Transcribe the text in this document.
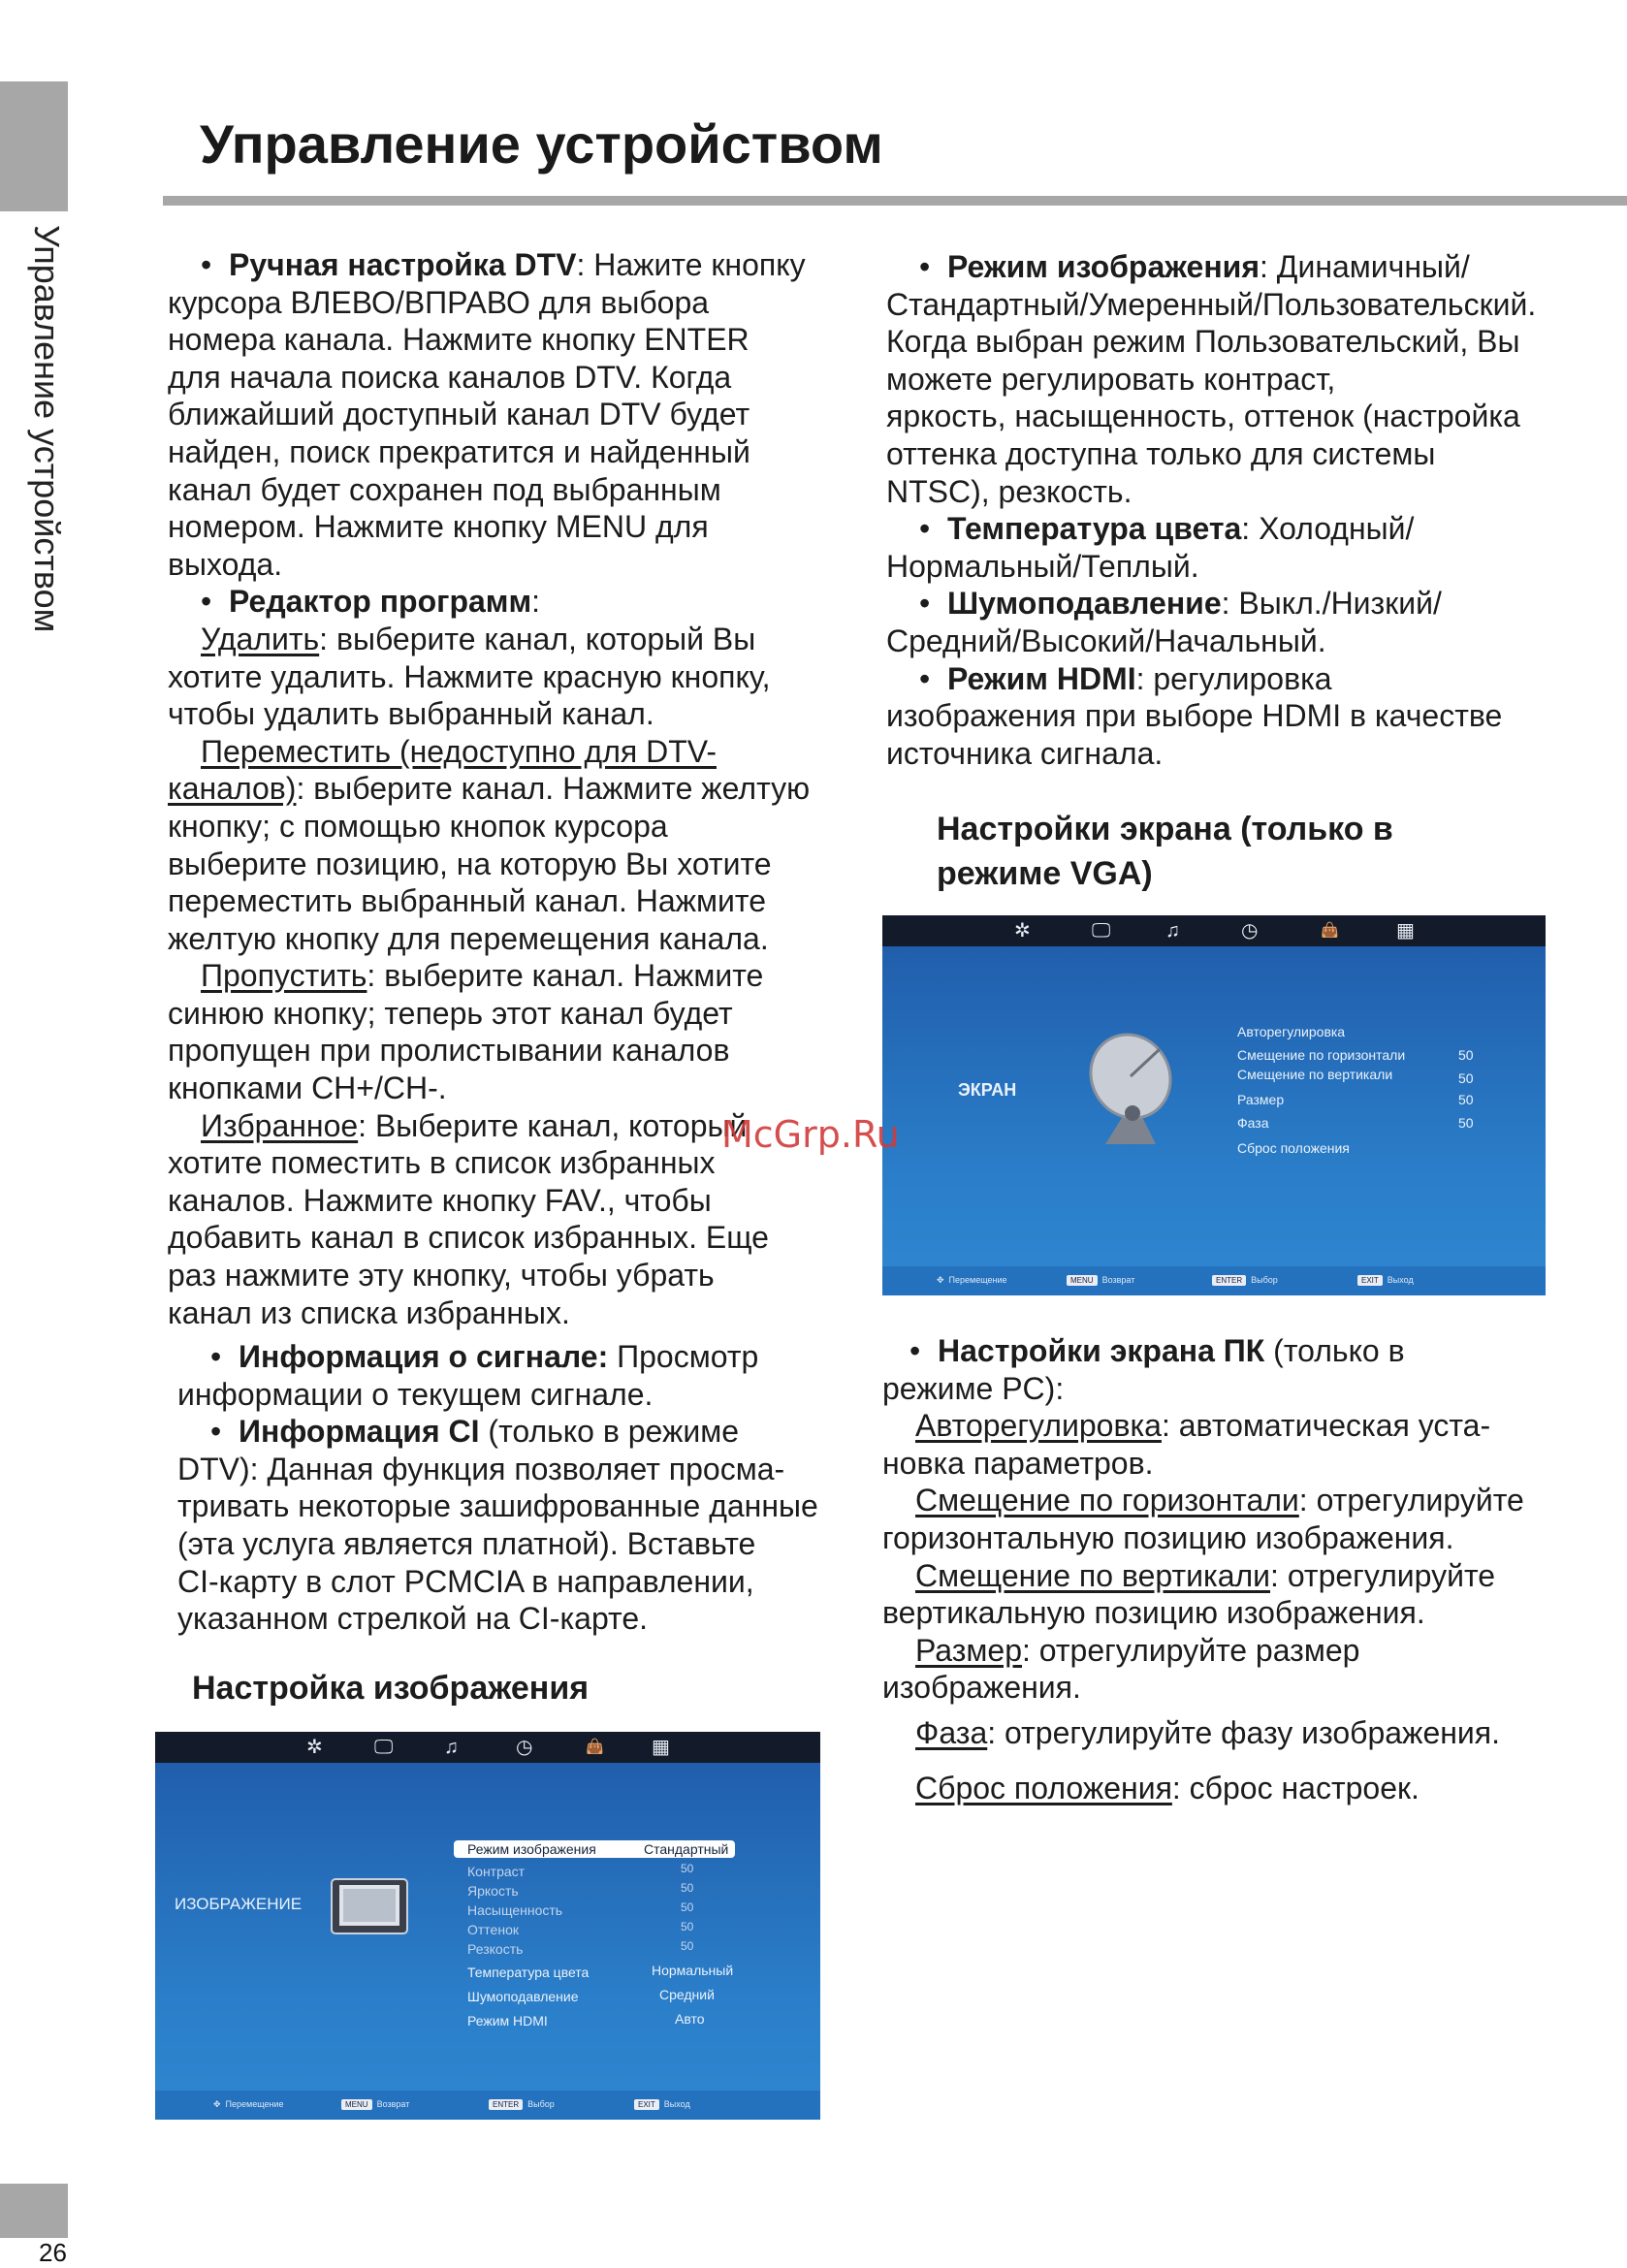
Управление устройством
26
Управление устройством

•  Ручная настройка DTV: Нажите кнопку

курсора ВЛЕВО/ВПРАВО для выбора

номера канала. Нажмите кнопку ENTER

для начала поиска каналов DTV. Когда

ближайший доступный канал DTV будет

найден, поиск прекратится и найденный

канал будет сохранен под выбранным

номером. Нажмите кнопку MENU для

выхода.

•  Редактор программ:

Удалить: выберите канал, который Вы

хотите удалить. Нажмите красную кнопку,

чтобы удалить выбранный канал.

Переместить (недоступно для DTV-

каналов): выберите канал. Нажмите желтую

кнопку; с помощью кнопок курсора

выберите позицию, на которую Вы хотите

переместить выбранный канал. Нажмите

желтую кнопку для перемещения канала.

Пропустить: выберите канал. Нажмите

синюю кнопку; теперь этот канал будет

пропущен при пролистывании каналов

кнопками CH+/CH-.

Избранное: Выберите канал, который

хотите поместить в список избранных

каналов. Нажмите кнопку FAV., чтобы

добавить канал в список избранных. Еще

раз нажмите эту кнопку, чтобы убрать

канал из списка избранных.

•  Информация о сигнале: Просмотр

информации о текущем сигнале.

•  Информация CI (только в режиме

DTV): Данная функция позволяет просма-

тривать некоторые зашифрованные данные

(эта услуга является платной). Вставьте

CI-карту в слот PCMCIA в направлении,

указанном стрелкой на CI-карте.

Настройка изображения
✲	🖵	♫	◷	👜 ▦
ИЗОБРАЖЕНИЕ
Режим изображения	Стандартный
Контраст	50
Яркость	50
Насыщенность	50
Оттенок	50
Резкость	50
Температура цвета	Нормальный
Шумоподавление	Средний
Режим HDMI	Авто
✥  Перемещение	MENU Возврат	ENTER Выбор	EXIT Выход

•  Режим изображения: Динамичный/

Стандартный/Умеренный/Пользовательский.

Когда выбран режим Пользовательский, Вы

можете регулировать контраст,

яркость, насыщенность, оттенок (настройка

оттенка доступна только для системы

NTSC), резкость.

•  Температура цвета: Холодный/

Нормальный/Теплый.

•  Шумоподавление: Выкл./Низкий/

Средний/Высокий/Начальный.

•  Режим HDMI: регулировка

изображения при выборе HDMI в качестве

источника сигнала.

Настройки экрана (только в
режиме VGA)
✲	🖵	♫	◷	👜	▦
ЭКРАН
Авторегулировка
Смещение по горизонтали	50
Смещение по вертикали	50
Размер	50
Фаза	50
Сброс положения
✥  Перемещение	MENU Возврат	ENTER Выбор	EXIT Выход
McGrp.Ru

•  Настройки экрана ПК (только в

режиме PC):

Авторегулировка: автоматическая уста-

новка параметров.

Смещение по горизонтали: отрегулируйте

горизонтальную позицию изображения.

Смещение по вертикали: отрегулируйте

вертикальную позицию изображения.

Размер: отрегулируйте размер

изображения.

Фаза: отрегулируйте фазу изображения.

Сброс положения: сброс настроек.
